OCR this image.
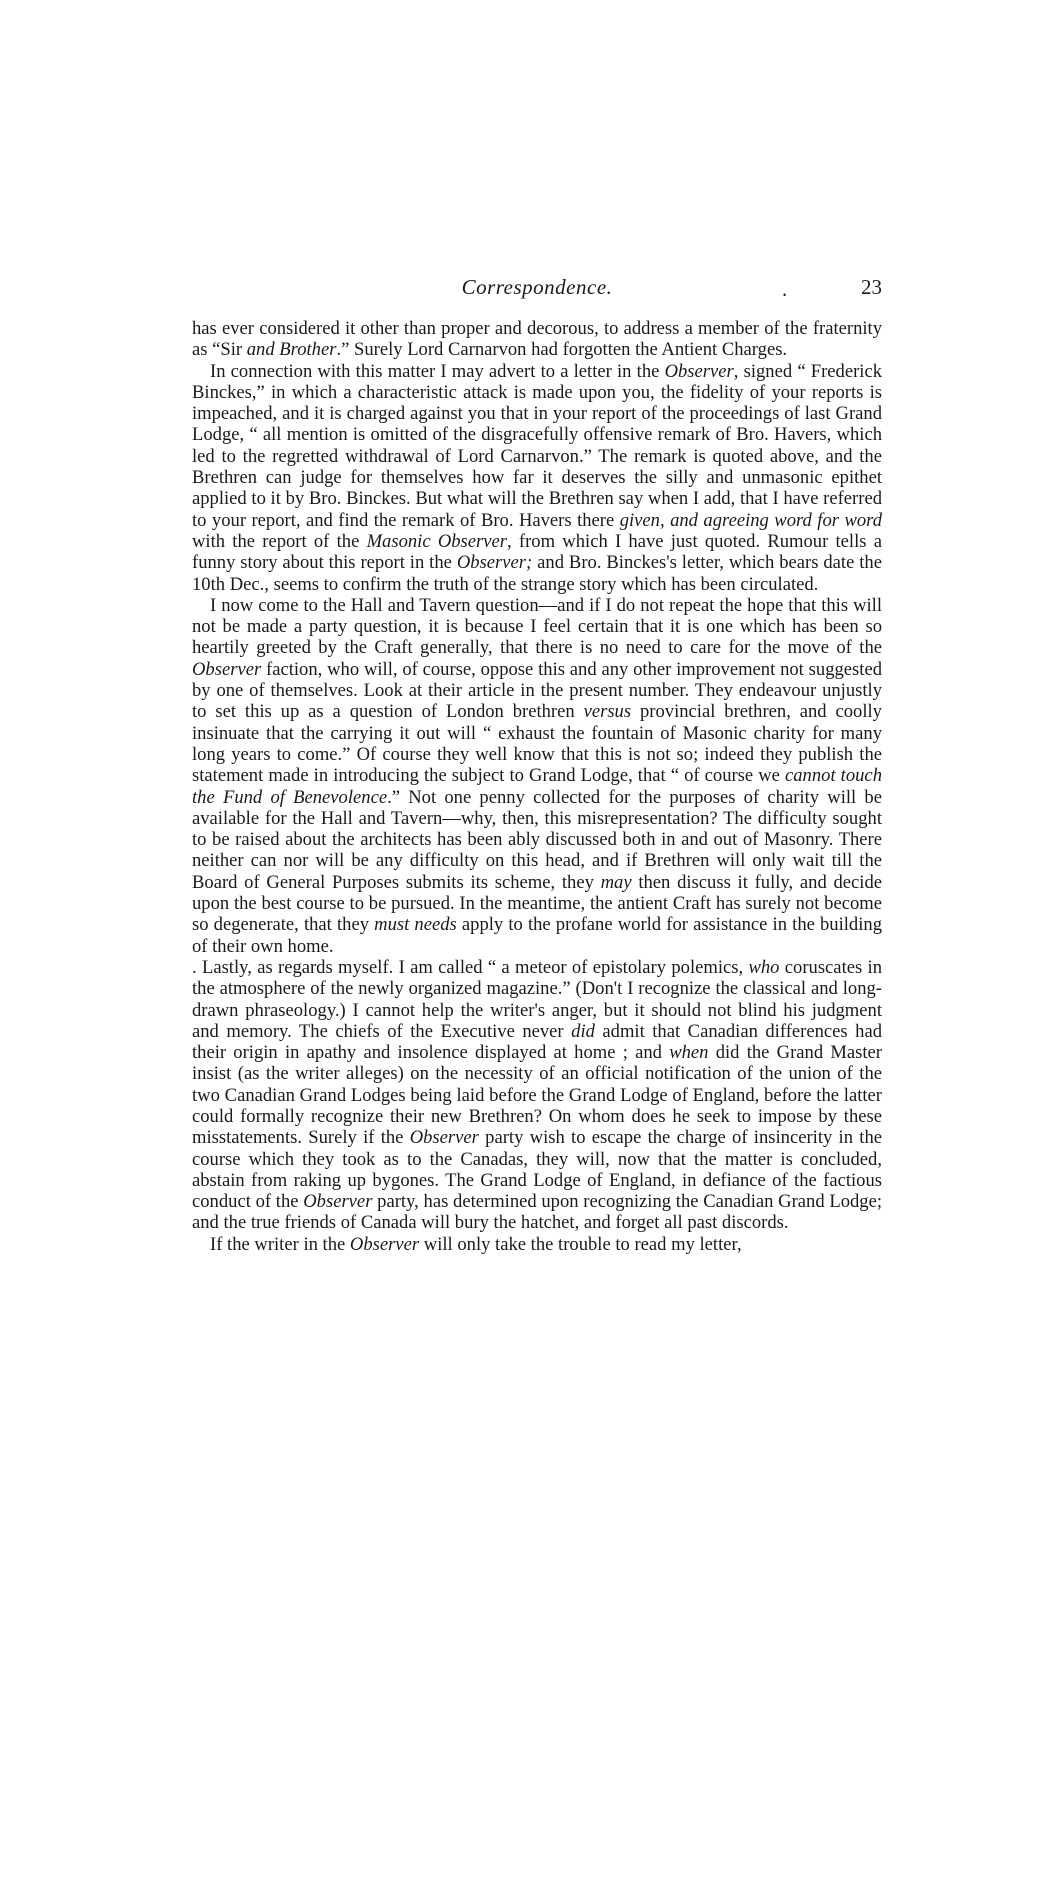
Correspondence.	.	23

has ever considered it other than proper and decorous, to address a member of the fraternity as “Sir and Brother.” Surely Lord Carnarvon had forgotten the Antient Charges.

In connection with this matter I may advert to a letter in the Observer, signed “ Frederick Binckes,” in which a characteristic attack is made upon you, the fidelity of your reports is impeached, and it is charged against you that in your report of the proceedings of last Grand Lodge, “ all mention is omitted of the disgracefully offensive remark of Bro. Havers, which led to the regretted withdrawal of Lord Carnarvon.” The remark is quoted above, and the Brethren can judge for themselves how far it deserves the silly and unmasonic epithet applied to it by Bro. Binckes. But what will the Brethren say when I add, that I have referred to your report, and find the remark of Bro. Havers there given, and agreeing word for word with the report of the Masonic Observer, from which I have just quoted. Rumour tells a funny story about this report in the Observer; and Bro. Binckes's letter, which bears date the 10th Dec., seems to confirm the truth of the strange story which has been circulated.

I now come to the Hall and Tavern question—and if I do not repeat the hope that this will not be made a party question, it is because I feel certain that it is one which has been so heartily greeted by the Craft generally, that there is no need to care for the move of the Observer faction, who will, of course, oppose this and any other improvement not suggested by one of themselves. Look at their article in the present number. They endeavour unjustly to set this up as a question of London brethren versus provincial brethren, and coolly insinuate that the carrying it out will “ exhaust the fountain of Masonic charity for many long years to come.” Of course they well know that this is not so; indeed they publish the statement made in introducing the subject to Grand Lodge, that “ of course we cannot touch the Fund of Benevolence.” Not one penny collected for the purposes of charity will be available for the Hall and Tavern—why, then, this misrepresentation? The difficulty sought to be raised about the architects has been ably discussed both in and out of Masonry. There neither can nor will be any difficulty on this head, and if Brethren will only wait till the Board of General Purposes submits its scheme, they may then discuss it fully, and decide upon the best course to be pursued. In the meantime, the antient Craft has surely not become so degenerate, that they must needs apply to the profane world for assistance in the building of their own home.

. Lastly, as regards myself. I am called “ a meteor of epistolary polemics, who coruscates in the atmosphere of the newly organized magazine.” (Don't I recognize the classical and long-drawn phraseology.) I cannot help the writer's anger, but it should not blind his judgment and memory. The chiefs of the Executive never did admit that Canadian differences had their origin in apathy and insolence displayed at home ; and when did the Grand Master insist (as the writer alleges) on the necessity of an official notification of the union of the two Canadian Grand Lodges being laid before the Grand Lodge of England, before the latter could formally recognize their new Brethren? On whom does he seek to impose by these misstatements. Surely if the Observer party wish to escape the charge of insincerity in the course which they took as to the Canadas, they will, now that the matter is concluded, abstain from raking up bygones. The Grand Lodge of England, in defiance of the factious conduct of the Observer party, has determined upon recognizing the Canadian Grand Lodge; and the true friends of Canada will bury the hatchet, and forget all past discords.

If the writer in the Observer will only take the trouble to read my letter,
